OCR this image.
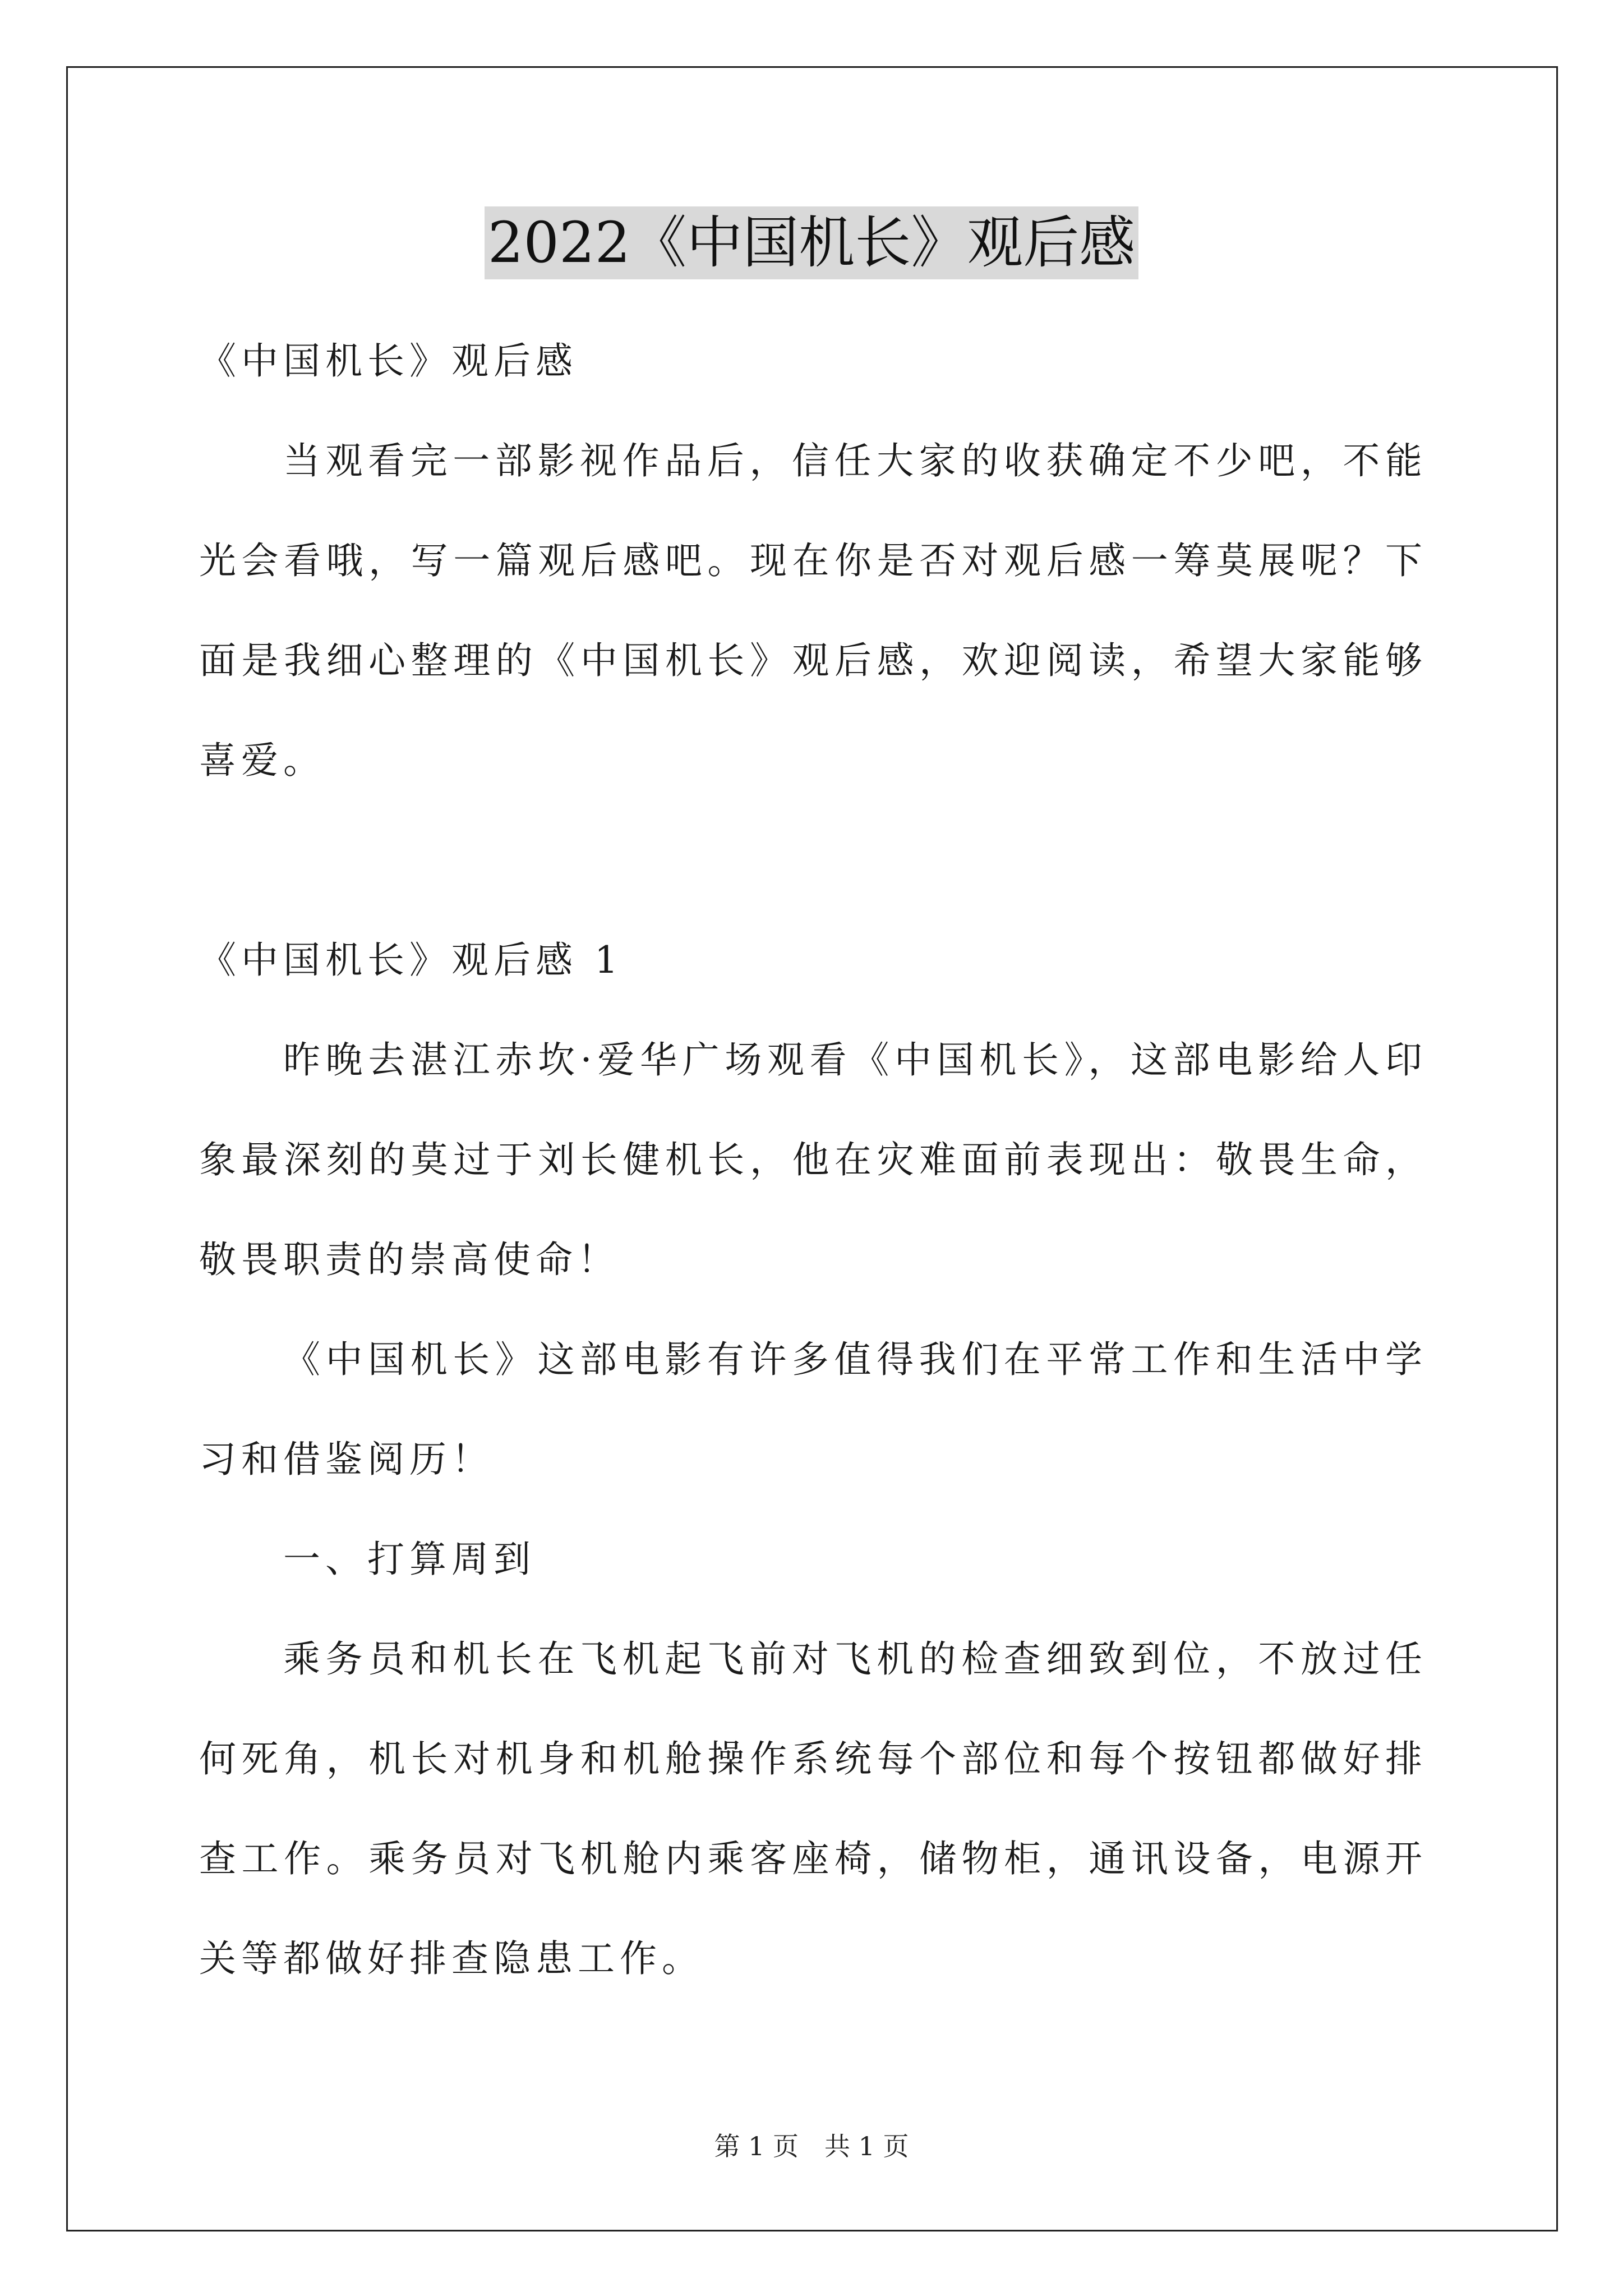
2022《中国机长》观后感
《中国机长》观后感

当观看完一部影视作品后，信任大家的收获确定不少吧，不能光会看哦，写一篇观后感吧。现在你是否对观后感一筹莫展呢？下面是我细心整理的《中国机长》观后感，欢迎阅读，希望大家能够喜爱。

《中国机长》观后感 1

昨晚去湛江赤坎·爱华广场观看《中国机长》，这部电影给人印象最深刻的莫过于刘长健机长，他在灾难面前表现出：敬畏生命，敬畏职责的崇高使命！

《中国机长》这部电影有许多值得我们在平常工作和生活中学习和借鉴阅历！

一、打算周到

乘务员和机长在飞机起飞前对飞机的检查细致到位，不放过任何死角，机长对机身和机舱操作系统每个部位和每个按钮都做好排查工作。乘务员对飞机舱内乘客座椅，储物柜，通讯设备，电源开关等都做好排查隐患工作。

第 1 页 共 1 页
